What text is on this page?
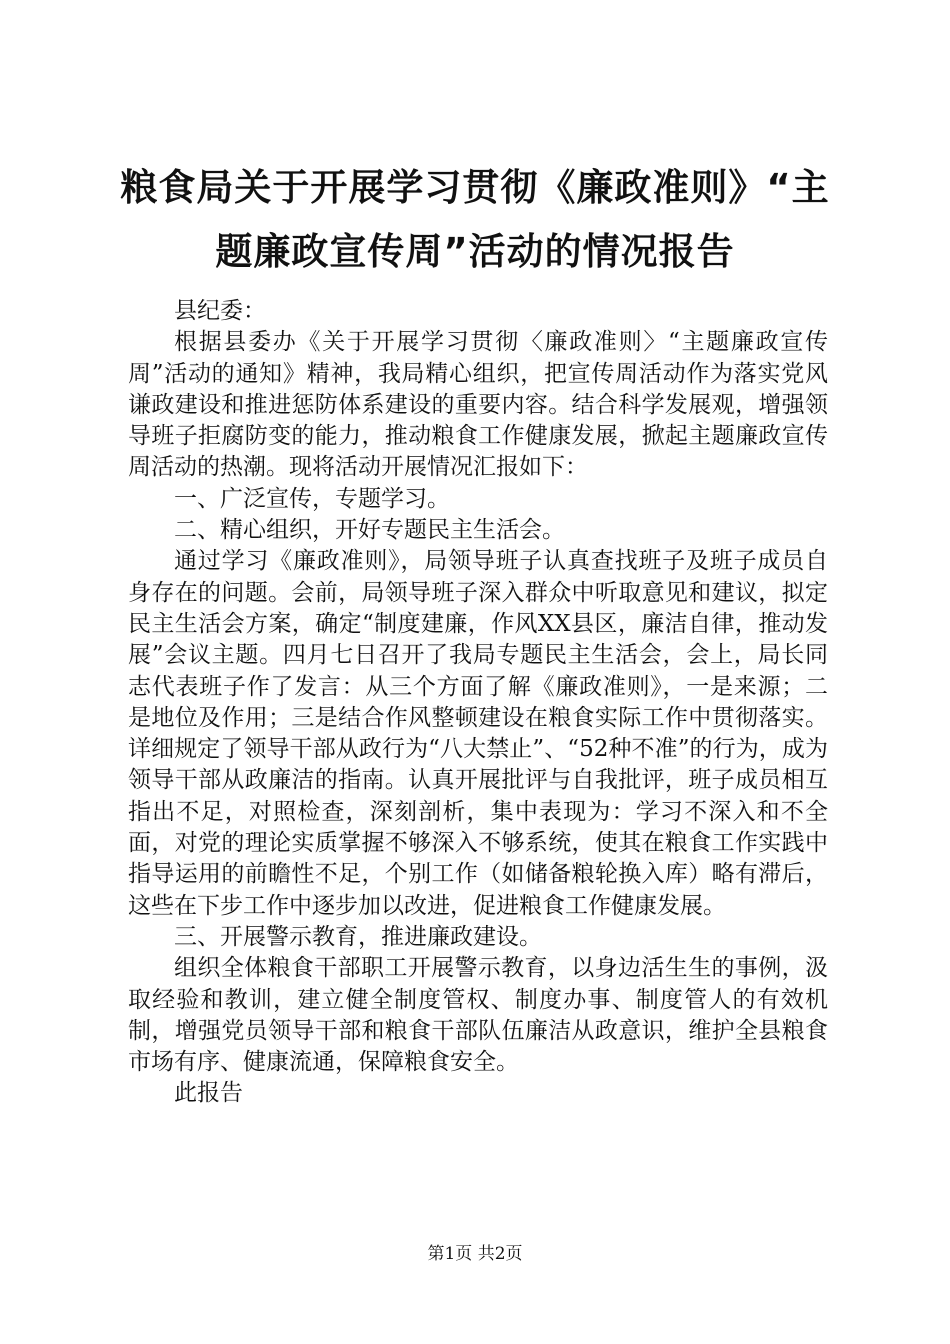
粮食局关于开展学习贯彻《廉政准则》“主题廉政宣传周”活动的情况报告

县纪委：

根据县委办《关于开展学习贯彻〈廉政准则〉“主题廉政宣传周”活动的通知》精神，我局精心组织，把宣传周活动作为落实党风谦政建设和推进惩防体系建设的重要内容。结合科学发展观，增强领导班子拒腐防变的能力，推动粮食工作健康发展，掀起主题廉政宣传周活动的热潮。现将活动开展情况汇报如下：

一、广泛宣传，专题学习。

二、精心组织，开好专题民主生活会。

通过学习《廉政准则》，局领导班子认真查找班子及班子成员自身存在的问题。会前，局领导班子深入群众中听取意见和建议，拟定民主生活会方案，确定“制度建廉，作风XX县区，廉洁自律，推动发展”会议主题。四月七日召开了我局专题民主生活会，会上，局长同志代表班子作了发言：从三个方面了解《廉政准则》，一是来源；二是地位及作用；三是结合作风整顿建设在粮食实际工作中贯彻落实。详细规定了领导干部从政行为“八大禁止”、“52种不准”的行为，成为领导干部从政廉洁的指南。认真开展批评与自我批评，班子成员相互指出不足，对照检查，深刻剖析，集中表现为：学习不深入和不全面，对党的理论实质掌握不够深入不够系统，使其在粮食工作实践中指导运用的前瞻性不足，个别工作（如储备粮轮换入库）略有滞后，这些在下步工作中逐步加以改进，促进粮食工作健康发展。

三、开展警示教育，推进廉政建设。

组织全体粮食干部职工开展警示教育，以身边活生生的事例，汲取经验和教训，建立健全制度管权、制度办事、制度管人的有效机制，增强党员领导干部和粮食干部队伍廉洁从政意识，维护全县粮食市场有序、健康流通，保障粮食安全。

此报告

第1页 共2页
